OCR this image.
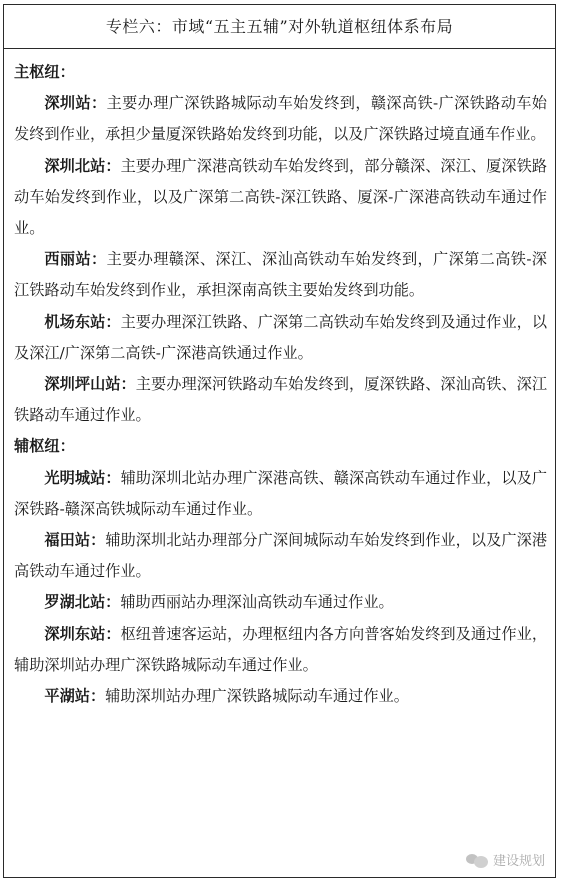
专栏六：市域“五主五辅”对外轨道枢纽体系布局

主枢纽：

深圳站：主要办理广深铁路城际动车始发终到，赣深高铁-广深铁路动车始发终到作业，承担少量厦深铁路始发终到功能，以及广深铁路过境直通车作业。

深圳北站：主要办理广深港高铁动车始发终到，部分赣深、深江、厦深铁路动车始发终到作业，以及广深第二高铁-深江铁路、厦深-广深港高铁动车通过作业。

西丽站：主要办理赣深、深江、深汕高铁动车始发终到，广深第二高铁-深江铁路动车始发终到作业，承担深南高铁主要始发终到功能。

机场东站：主要办理深江铁路、广深第二高铁动车始发终到及通过作业，以及深江/广深第二高铁-广深港高铁通过作业。

深圳坪山站：主要办理深河铁路动车始发终到，厦深铁路、深汕高铁、深江铁路动车通过作业。

辅枢纽：

光明城站：辅助深圳北站办理广深港高铁、赣深高铁动车通过作业，以及广深铁路-赣深高铁城际动车通过作业。

福田站：辅助深圳北站办理部分广深间城际动车始发终到作业，以及广深港高铁动车通过作业。

罗湖北站：辅助西丽站办理深汕高铁动车通过作业。

深圳东站：枢纽普速客运站，办理枢纽内各方向普客始发终到及通过作业，辅助深圳站办理广深铁路城际动车通过作业。

平湖站：辅助深圳站办理广深铁路城际动车通过作业。

建设规划
